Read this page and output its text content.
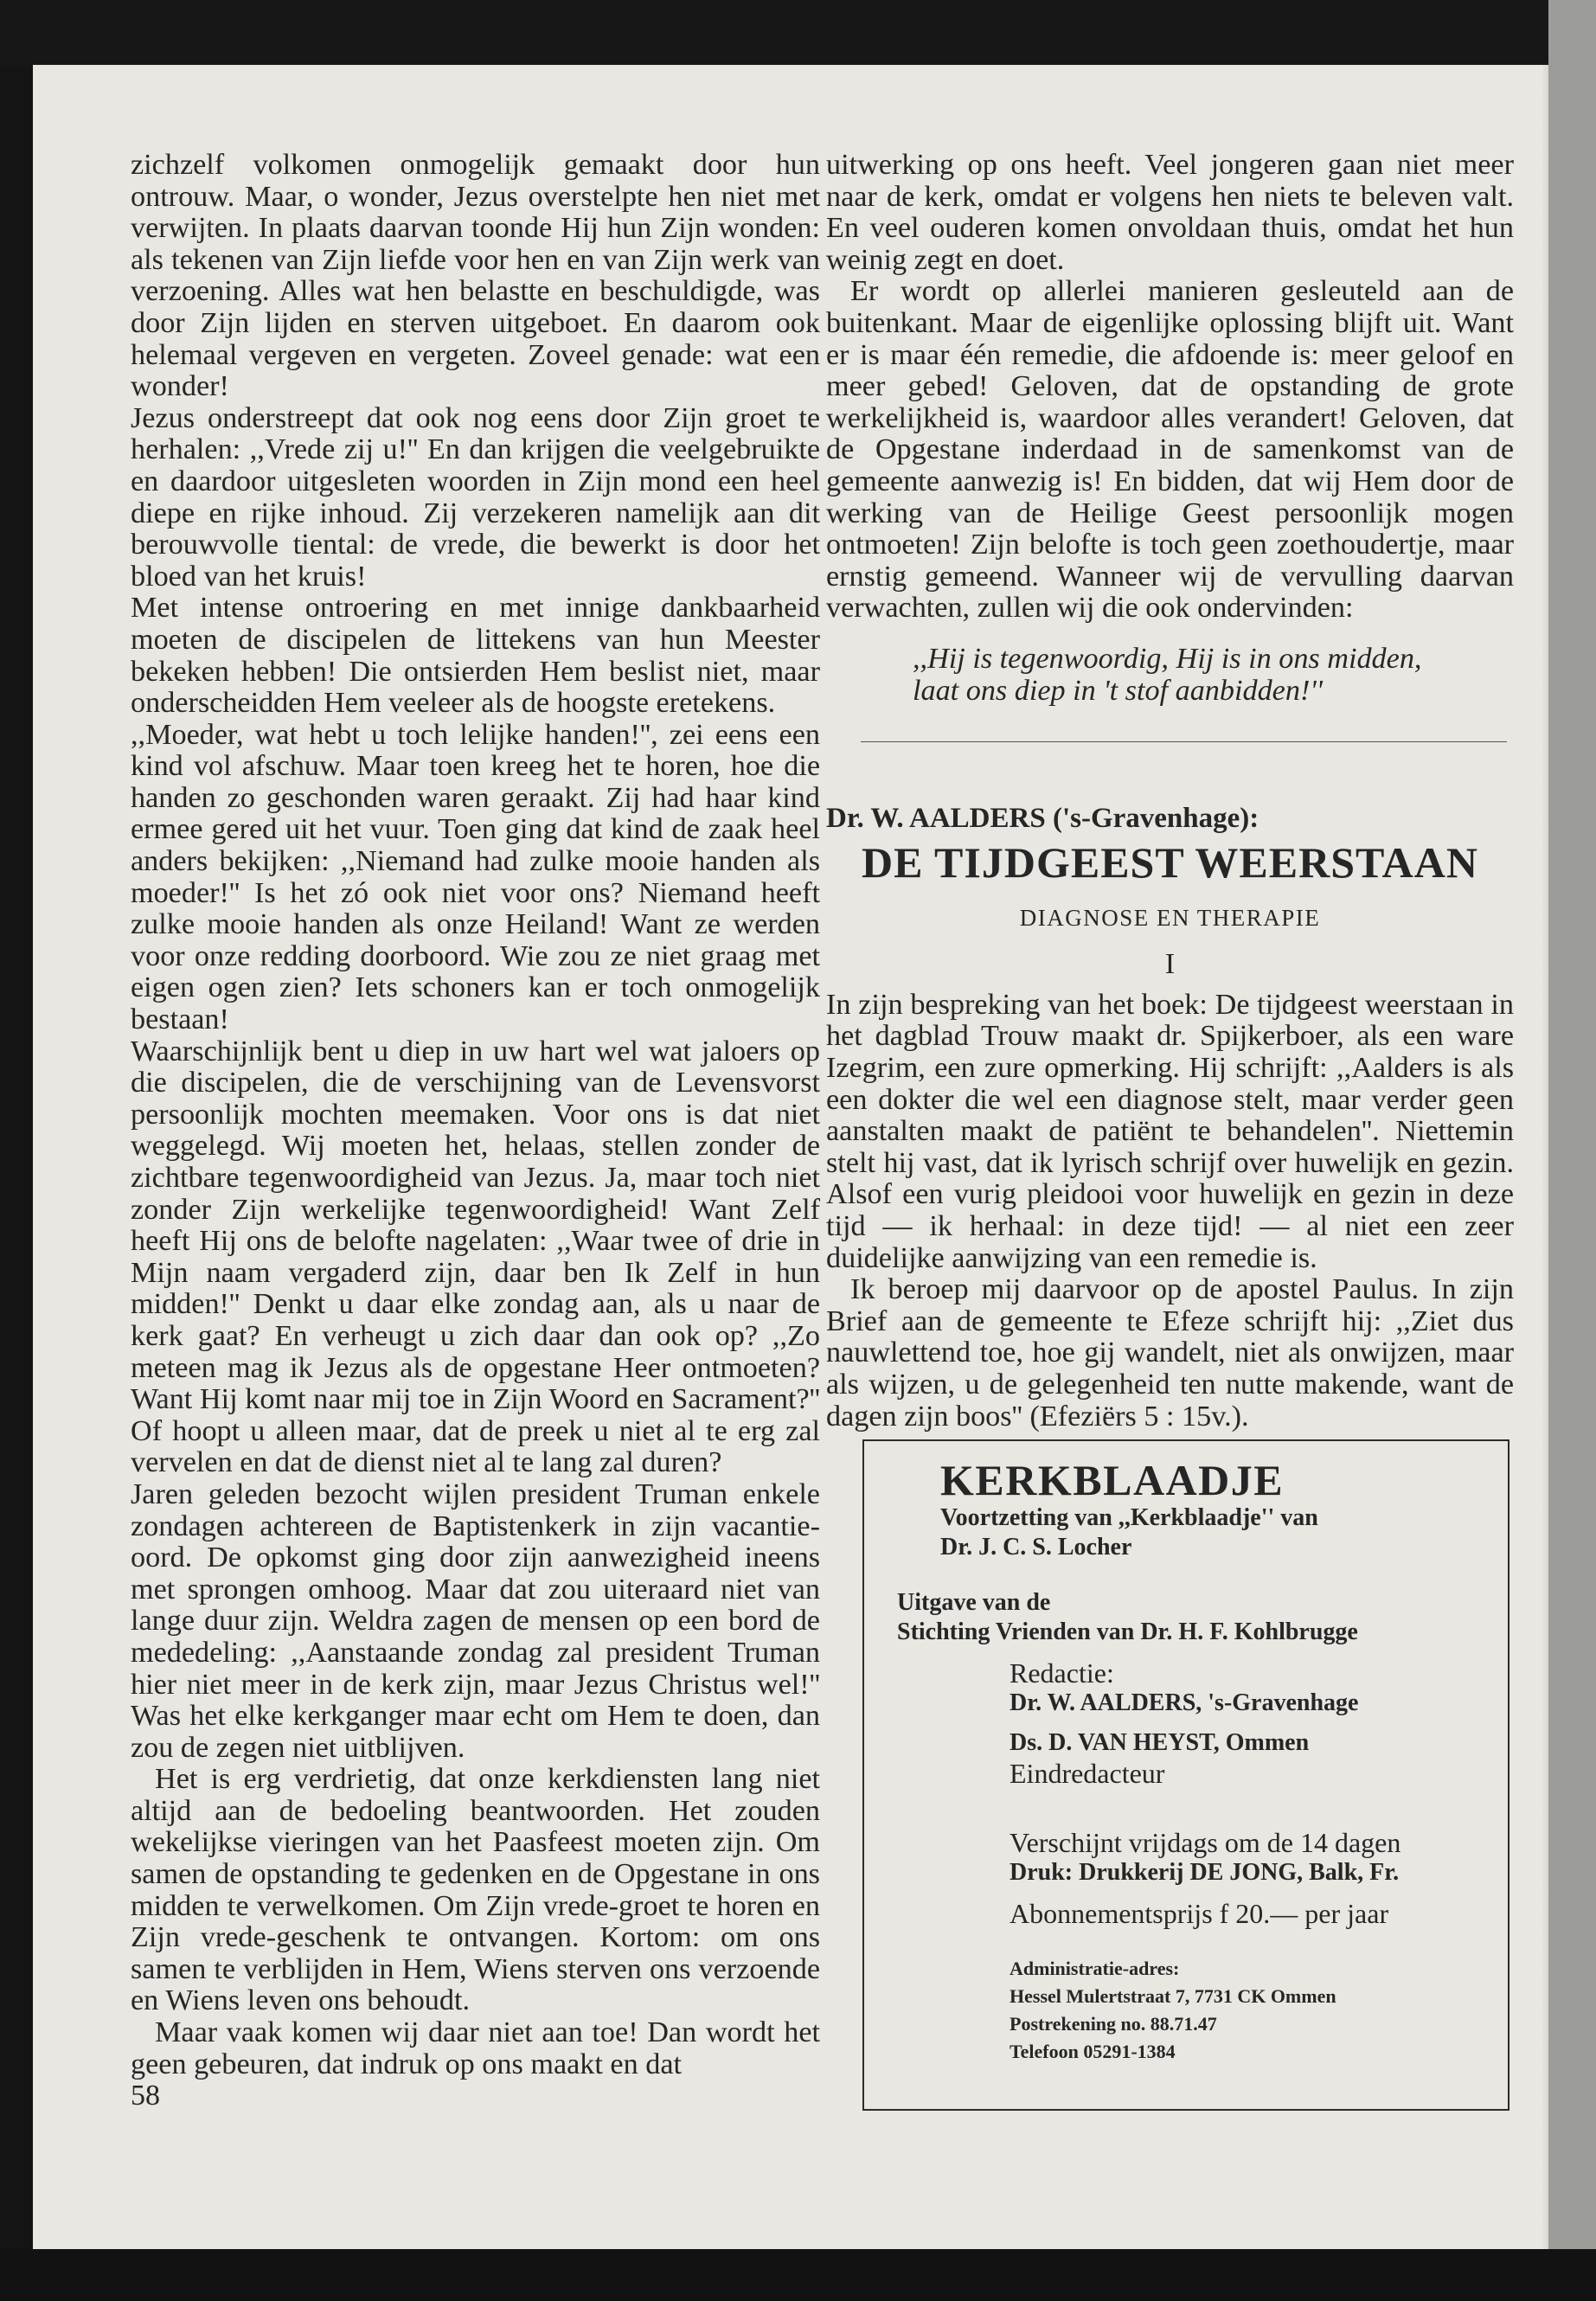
zichzelf volkomen onmogelijk gemaakt door hun ontrouw. Maar, o wonder, Jezus overstelpte hen niet met verwijten. In plaats daarvan toonde Hij hun Zijn wonden: als tekenen van Zijn liefde voor hen en van Zijn werk van verzoening. Alles wat hen belastte en beschuldigde, was door Zijn lijden en sterven uitgeboet. En daarom ook helemaal vergeven en vergeten. Zoveel genade: wat een wonder!

Jezus onderstreept dat ook nog eens door Zijn groet te herhalen: ,,Vrede zij u!'' En dan krijgen die veelgebruikte en daardoor uitgesleten woorden in Zijn mond een heel diepe en rijke inhoud. Zij verzekeren namelijk aan dit berouwvolle tiental: de vrede, die bewerkt is door het bloed van het kruis!

Met intense ontroering en met innige dankbaarheid moeten de discipelen de littekens van hun Meester bekeken hebben! Die ontsierden Hem beslist niet, maar onderscheidden Hem veeleer als de hoogste eretekens.

,,Moeder, wat hebt u toch lelijke handen!'', zei eens een kind vol afschuw. Maar toen kreeg het te horen, hoe die handen zo geschonden waren geraakt. Zij had haar kind ermee gered uit het vuur. Toen ging dat kind de zaak heel anders bekijken: ,,Niemand had zulke mooie handen als moeder!'' Is het zó ook niet voor ons? Niemand heeft zulke mooie handen als onze Heiland! Want ze werden voor onze redding doorboord. Wie zou ze niet graag met eigen ogen zien? Iets schoners kan er toch onmogelijk bestaan!

Waarschijnlijk bent u diep in uw hart wel wat jaloers op die discipelen, die de verschijning van de Levensvorst persoonlijk mochten meemaken. Voor ons is dat niet weggelegd. Wij moeten het, helaas, stellen zonder de zichtbare tegenwoordigheid van Jezus. Ja, maar toch niet zonder Zijn werkelijke tegenwoordigheid! Want Zelf heeft Hij ons de belofte nagelaten: ,,Waar twee of drie in Mijn naam vergaderd zijn, daar ben Ik Zelf in hun midden!'' Denkt u daar elke zondag aan, als u naar de kerk gaat? En verheugt u zich daar dan ook op? ,,Zo meteen mag ik Jezus als de opgestane Heer ontmoeten? Want Hij komt naar mij toe in Zijn Woord en Sacrament?'' Of hoopt u alleen maar, dat de preek u niet al te erg zal vervelen en dat de dienst niet al te lang zal duren?

Jaren geleden bezocht wijlen president Truman enkele zondagen achtereen de Baptistenkerk in zijn vacantie-oord. De opkomst ging door zijn aanwezigheid ineens met sprongen omhoog. Maar dat zou uiteraard niet van lange duur zijn. Weldra zagen de mensen op een bord de mededeling: ,,Aanstaande zondag zal president Truman hier niet meer in de kerk zijn, maar Jezus Christus wel!'' Was het elke kerkganger maar echt om Hem te doen, dan zou de zegen niet uitblijven.

Het is erg verdrietig, dat onze kerkdiensten lang niet altijd aan de bedoeling beantwoorden. Het zouden wekelijkse vieringen van het Paasfeest moeten zijn. Om samen de opstanding te gedenken en de Opgestane in ons midden te verwelkomen. Om Zijn vrede-groet te horen en Zijn vrede-geschenk te ontvangen. Kortom: om ons samen te verblijden in Hem, Wiens sterven ons verzoende en Wiens leven ons behoudt.

Maar vaak komen wij daar niet aan toe! Dan wordt het geen gebeuren, dat indruk op ons maakt en dat

58

uitwerking op ons heeft. Veel jongeren gaan niet meer naar de kerk, omdat er volgens hen niets te beleven valt. En veel ouderen komen onvoldaan thuis, omdat het hun weinig zegt en doet.

Er wordt op allerlei manieren gesleuteld aan de buitenkant. Maar de eigenlijke oplossing blijft uit. Want er is maar één remedie, die afdoende is: meer geloof en meer gebed! Geloven, dat de opstanding de grote werkelijkheid is, waardoor alles verandert! Geloven, dat de Opgestane inderdaad in de samenkomst van de gemeente aanwezig is! En bidden, dat wij Hem door de werking van de Heilige Geest persoonlijk mogen ontmoeten! Zijn belofte is toch geen zoethoudertje, maar ernstig gemeend. Wanneer wij de vervulling daarvan verwachten, zullen wij die ook ondervinden:

,,Hij is tegenwoordig, Hij is in ons midden,
laat ons diep in 't stof aanbidden!''
Dr. W. AALDERS ('s-Gravenhage):
DE TIJDGEEST WEERSTAAN
DIAGNOSE EN THERAPIE
I

In zijn bespreking van het boek: De tijdgeest weerstaan in het dagblad Trouw maakt dr. Spijkerboer, als een ware Izegrim, een zure opmerking. Hij schrijft: ,,Aalders is als een dokter die wel een diagnose stelt, maar verder geen aanstalten maakt de patiënt te behandelen''. Niettemin stelt hij vast, dat ik lyrisch schrijf over huwelijk en gezin. Alsof een vurig pleidooi voor huwelijk en gezin in deze tijd — ik herhaal: in deze tijd! — al niet een zeer duidelijke aanwijzing van een remedie is.

Ik beroep mij daarvoor op de apostel Paulus. In zijn Brief aan de gemeente te Efeze schrijft hij: ,,Ziet dus nauwlettend toe, hoe gij wandelt, niet als onwijzen, maar als wijzen, u de gelegenheid ten nutte makende, want de dagen zijn boos'' (Efeziërs 5 : 15v.).

KERKBLAADJE
Voortzetting van ,,Kerkblaadje'' van
Dr. J. C. S. Locher
Uitgave van de
Stichting Vrienden van Dr. H. F. Kohlbrugge
Redactie:
Dr. W. AALDERS, 's-Gravenhage
Ds. D. VAN HEYST, Ommen
Eindredacteur
Verschijnt vrijdags om de 14 dagen
Druk: Drukkerij DE JONG, Balk, Fr.
Abonnementsprijs f 20.— per jaar
Administratie-adres:
Hessel Mulertstraat 7, 7731 CK Ommen
Postrekening no. 88.71.47
Telefoon 05291-1384
